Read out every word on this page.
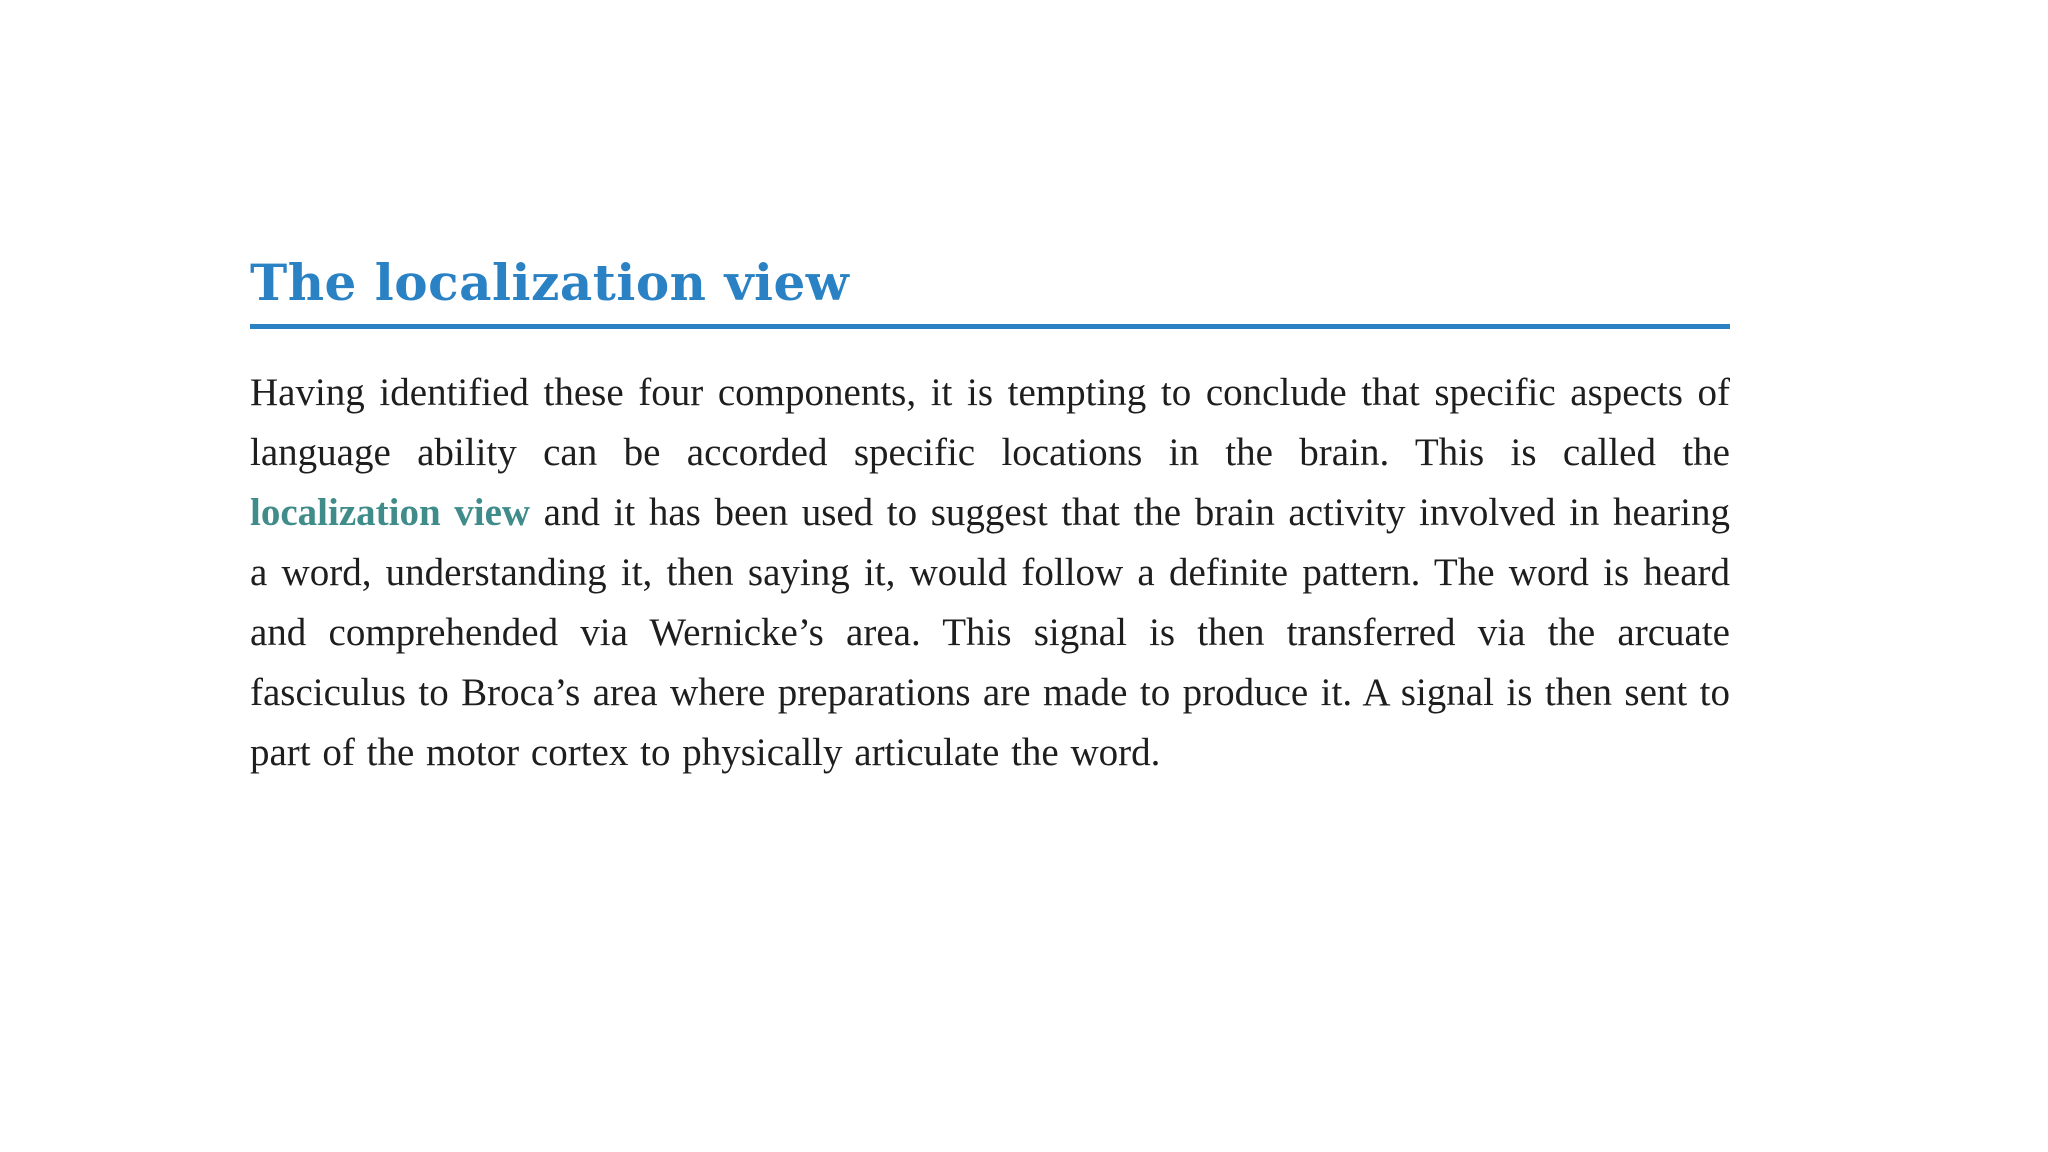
The localization view

Having identified these four components, it is tempting to conclude that specific aspects of language ability can be accorded specific locations in the brain. This is called the localization view and it has been used to suggest that the brain activity involved in hearing a word, understanding it, then saying it, would follow a definite pattern. The word is heard and comprehended via Wernicke’s area. This signal is then transferred via the arcuate fasciculus to Broca’s area where preparations are made to produce it. A signal is then sent to part of the motor cortex to physically articulate the word.
